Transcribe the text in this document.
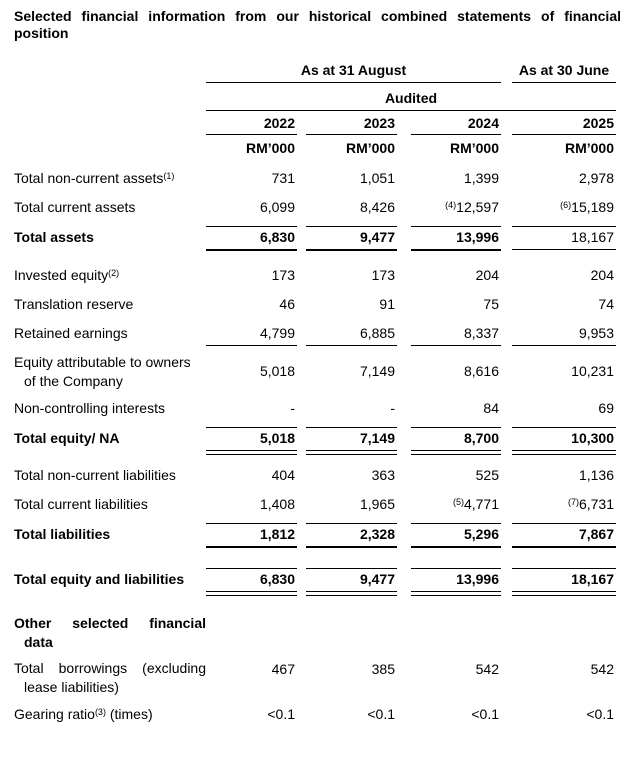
Selected financial information from our historical combined statements of financial
position
As at 31 August	As at 30 June
Audited
2022	2023	2024	2025
RM’000	RM’000	RM’000	RM’000
Total non-current assets$^{(1)}$	731	1,051	1,399	2,978
Total current assets	6,099	8,426	$^{(4)}$12,597	$^{(6)}$15,189
Total assets	6,830	9,477	13,996	18,167
Invested equity$^{(2)}$	173	173	204	204
Translation reserve	46	91	75	74
Retained earnings	4,799	6,885	8,337	9,953
Equity attributable to owners
of the Company
5,018	7,149	8,616	10,231
Non-controlling interests	-	-	84	69
Total equity/ NA	5,018	7,149	8,700	10,300
Total non-current liabilities	404	363	525	1,136
Total current liabilities	1,408	1,965	$^{(5)}$4,771	$^{(7)}$6,731
Total liabilities	1,812	2,328	5,296	7,867
Total equity and liabilities	6,830	9,477	13,996	18,167
Other selected financial
data
Total borrowings (excluding
lease liabilities)
467	385	542	542
Gearing ratio$^{(3)}$ (times)	<0.1	<0.1	<0.1	<0.1
